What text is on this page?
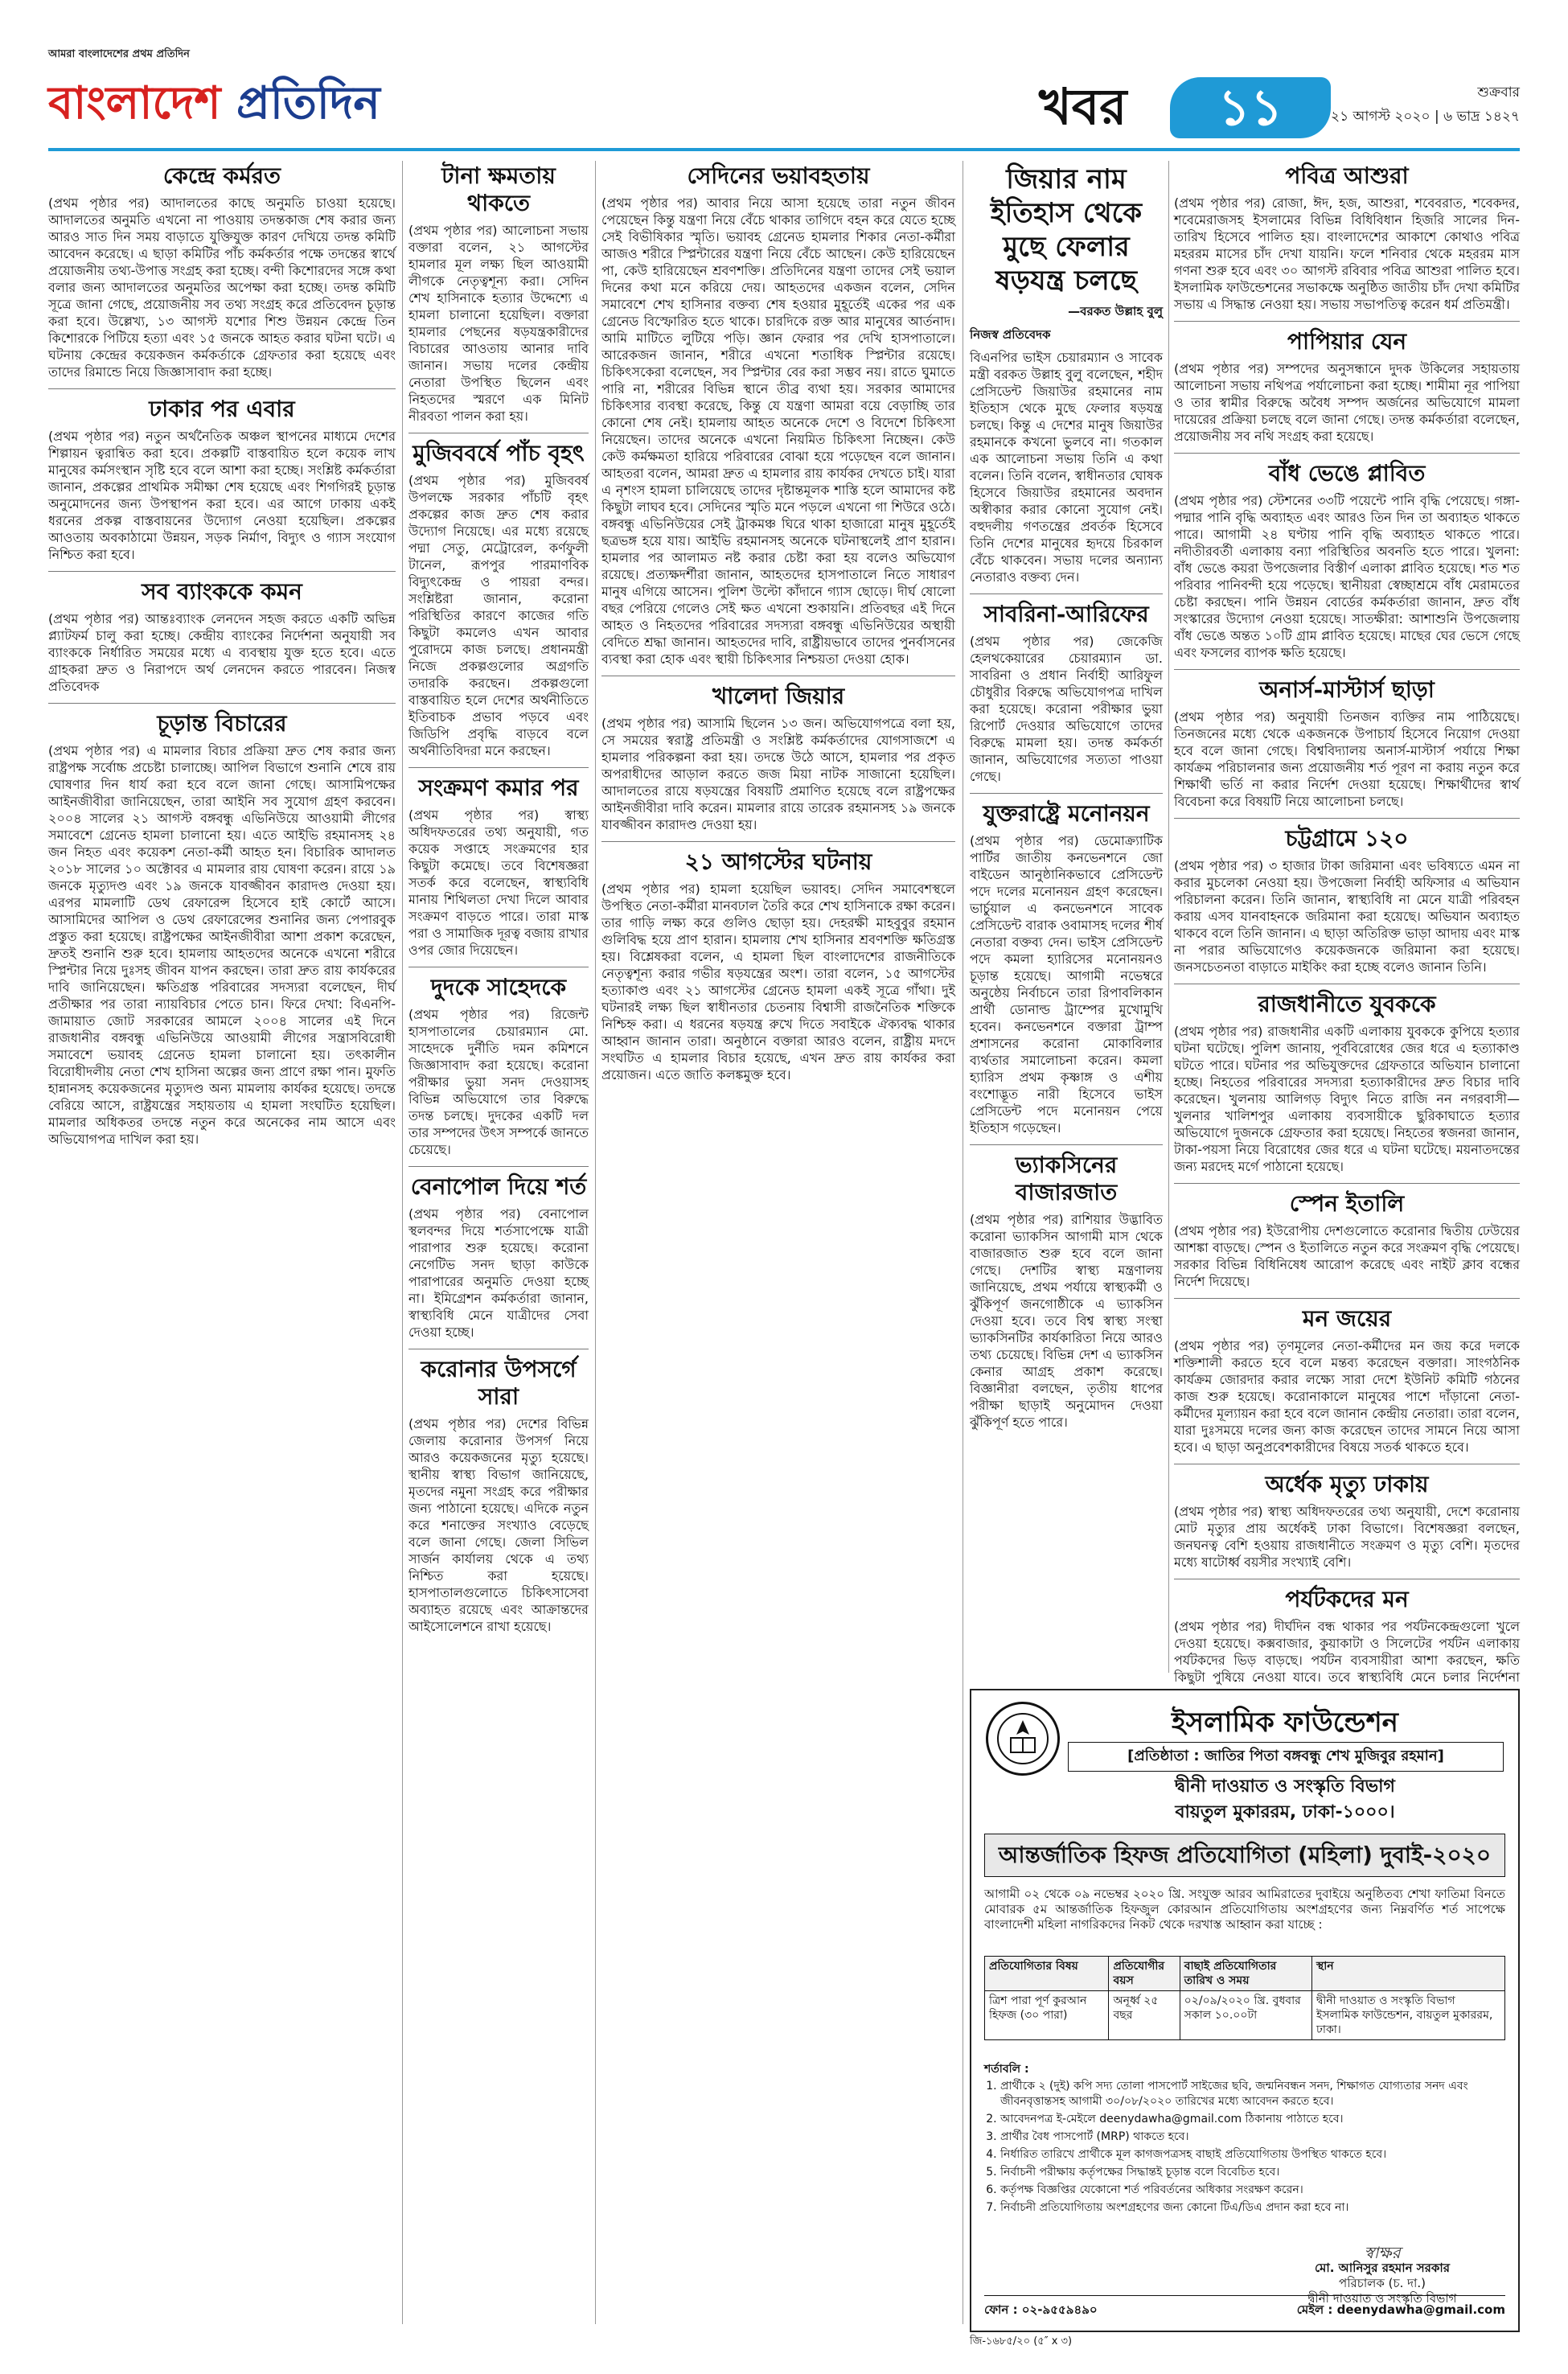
আমরা বাংলাদেশের প্রথম প্রতিদিন
বাংলাদেশ প্রতিদিন	খবর	১১	শুক্রবার
২১ আগস্ট ২০২০ | ৬ ভাদ্র ১৪২৭
কেন্দ্রে কর্মরত

(প্রথম পৃষ্ঠার পর) আদালতের কাছে অনুমতি চাওয়া হয়েছে। আদালতের অনুমতি এখনো না পাওয়ায় তদন্তকাজ শেষ করার জন্য আরও সাত দিন সময় বাড়াতে যুক্তিযুক্ত কারণ দেখিয়ে তদন্ত কমিটি আবেদন করেছে। এ ছাড়া কমিটির পাঁচ কর্মকর্তার পক্ষে তদন্তের স্বার্থে প্রয়োজনীয় তথ্য-উপাত্ত সংগ্রহ করা হচ্ছে। বন্দী কিশোরদের সঙ্গে কথা বলার জন্য আদালতের অনুমতির অপেক্ষা করা হচ্ছে। তদন্ত কমিটি সূত্রে জানা গেছে, প্রয়োজনীয় সব তথ্য সংগ্রহ করে প্রতিবেদন চূড়ান্ত করা হবে। উল্লেখ্য, ১৩ আগস্ট যশোর শিশু উন্নয়ন কেন্দ্রে তিন কিশোরকে পিটিয়ে হত্যা এবং ১৫ জনকে আহত করার ঘটনা ঘটে। এ ঘটনায় কেন্দ্রের কয়েকজন কর্মকর্তাকে গ্রেফতার করা হয়েছে এবং তাদের রিমান্ডে নিয়ে জিজ্ঞাসাবাদ করা হচ্ছে।

ঢাকার পর এবার

(প্রথম পৃষ্ঠার পর) নতুন অর্থনৈতিক অঞ্চল স্থাপনের মাধ্যমে দেশের শিল্পায়ন ত্বরান্বিত করা হবে। প্রকল্পটি বাস্তবায়িত হলে কয়েক লাখ মানুষের কর্মসংস্থান সৃষ্টি হবে বলে আশা করা হচ্ছে। সংশ্লিষ্ট কর্মকর্তারা জানান, প্রকল্পের প্রাথমিক সমীক্ষা শেষ হয়েছে এবং শিগগিরই চূড়ান্ত অনুমোদনের জন্য উপস্থাপন করা হবে। এর আগে ঢাকায় একই ধরনের প্রকল্প বাস্তবায়নের উদ্যোগ নেওয়া হয়েছিল। প্রকল্পের আওতায় অবকাঠামো উন্নয়ন, সড়ক নির্মাণ, বিদ্যুৎ ও গ্যাস সংযোগ নিশ্চিত করা হবে।

সব ব্যাংককে কমন

(প্রথম পৃষ্ঠার পর) আন্তঃব্যাংক লেনদেন সহজ করতে একটি অভিন্ন প্ল্যাটফর্ম চালু করা হচ্ছে। কেন্দ্রীয় ব্যাংকের নির্দেশনা অনুযায়ী সব ব্যাংককে নির্ধারিত সময়ের মধ্যে এ ব্যবস্থায় যুক্ত হতে হবে। এতে গ্রাহকরা দ্রুত ও নিরাপদে অর্থ লেনদেন করতে পারবেন। নিজস্ব প্রতিবেদক

চূড়ান্ত বিচারের

(প্রথম পৃষ্ঠার পর) এ মামলার বিচার প্রক্রিয়া দ্রুত শেষ করার জন্য রাষ্ট্রপক্ষ সর্বোচ্চ প্রচেষ্টা চালাচ্ছে। আপিল বিভাগে শুনানি শেষে রায় ঘোষণার দিন ধার্য করা হবে বলে জানা গেছে। আসামিপক্ষের আইনজীবীরা জানিয়েছেন, তারা আইনি সব সুযোগ গ্রহণ করবেন। ২০০৪ সালের ২১ আগস্ট বঙ্গবন্ধু এভিনিউয়ে আওয়ামী লীগের সমাবেশে গ্রেনেড হামলা চালানো হয়। এতে আইভি রহমানসহ ২৪ জন নিহত এবং কয়েকশ নেতা-কর্মী আহত হন। বিচারিক আদালত ২০১৮ সালের ১০ অক্টোবর এ মামলার রায় ঘোষণা করেন। রায়ে ১৯ জনকে মৃত্যুদণ্ড এবং ১৯ জনকে যাবজ্জীবন কারাদণ্ড দেওয়া হয়। এরপর মামলাটি ডেথ রেফারেন্স হিসেবে হাই কোর্টে আসে। আসামিদের আপিল ও ডেথ রেফারেন্সের শুনানির জন্য পেপারবুক প্রস্তুত করা হয়েছে। রাষ্ট্রপক্ষের আইনজীবীরা আশা প্রকাশ করেছেন, দ্রুতই শুনানি শুরু হবে। হামলায় আহতদের অনেকে এখনো শরীরে স্প্লিন্টার নিয়ে দুঃসহ জীবন যাপন করছেন। তারা দ্রুত রায় কার্যকরের দাবি জানিয়েছেন। ক্ষতিগ্রস্ত পরিবারের সদস্যরা বলেছেন, দীর্ঘ প্রতীক্ষার পর তারা ন্যায়বিচার পেতে চান। ফিরে দেখা: বিএনপি-জামায়াত জোট সরকারের আমলে ২০০৪ সালের এই দিনে রাজধানীর বঙ্গবন্ধু এভিনিউয়ে আওয়ামী লীগের সন্ত্রাসবিরোধী সমাবেশে ভয়াবহ গ্রেনেড হামলা চালানো হয়। তৎকালীন বিরোধীদলীয় নেতা শেখ হাসিনা অল্পের জন্য প্রাণে রক্ষা পান। মুফতি হান্নানসহ কয়েকজনের মৃত্যুদণ্ড অন্য মামলায় কার্যকর হয়েছে। তদন্তে বেরিয়ে আসে, রাষ্ট্রযন্ত্রের সহায়তায় এ হামলা সংঘটিত হয়েছিল। মামলার অধিকতর তদন্তে নতুন করে অনেকের নাম আসে এবং অভিযোগপত্র দাখিল করা হয়।

টানা ক্ষমতায় থাকতে

(প্রথম পৃষ্ঠার পর) আলোচনা সভায় বক্তারা বলেন, ২১ আগস্টের হামলার মূল লক্ষ্য ছিল আওয়ামী লীগকে নেতৃত্বশূন্য করা। সেদিন শেখ হাসিনাকে হত্যার উদ্দেশ্যে এ হামলা চালানো হয়েছিল। বক্তারা হামলার পেছনের ষড়যন্ত্রকারীদের বিচারের আওতায় আনার দাবি জানান। সভায় দলের কেন্দ্রীয় নেতারা উপস্থিত ছিলেন এবং নিহতদের স্মরণে এক মিনিট নীরবতা পালন করা হয়।

মুজিববর্ষে পাঁচ বৃহৎ

(প্রথম পৃষ্ঠার পর) মুজিববর্ষ উপলক্ষে সরকার পাঁচটি বৃহৎ প্রকল্পের কাজ দ্রুত শেষ করার উদ্যোগ নিয়েছে। এর মধ্যে রয়েছে পদ্মা সেতু, মেট্রোরেল, কর্ণফুলী টানেল, রূপপুর পারমাণবিক বিদ্যুৎকেন্দ্র ও পায়রা বন্দর। সংশ্লিষ্টরা জানান, করোনা পরিস্থিতির কারণে কাজের গতি কিছুটা কমলেও এখন আবার পুরোদমে কাজ চলছে। প্রধানমন্ত্রী নিজে প্রকল্পগুলোর অগ্রগতি তদারকি করছেন। প্রকল্পগুলো বাস্তবায়িত হলে দেশের অর্থনীতিতে ইতিবাচক প্রভাব পড়বে এবং জিডিপি প্রবৃদ্ধি বাড়বে বলে অর্থনীতিবিদরা মনে করছেন।

সংক্রমণ কমার পর

(প্রথম পৃষ্ঠার পর) স্বাস্থ্য অধিদফতরের তথ্য অনুযায়ী, গত কয়েক সপ্তাহে সংক্রমণের হার কিছুটা কমেছে। তবে বিশেষজ্ঞরা সতর্ক করে বলেছেন, স্বাস্থ্যবিধি মানায় শিথিলতা দেখা দিলে আবার সংক্রমণ বাড়তে পারে। তারা মাস্ক পরা ও সামাজিক দূরত্ব বজায় রাখার ওপর জোর দিয়েছেন।

দুদকে সাহেদকে

(প্রথম পৃষ্ঠার পর) রিজেন্ট হাসপাতালের চেয়ারম্যান মো. সাহেদকে দুর্নীতি দমন কমিশনে জিজ্ঞাসাবাদ করা হয়েছে। করোনা পরীক্ষার ভুয়া সনদ দেওয়াসহ বিভিন্ন অভিযোগে তার বিরুদ্ধে তদন্ত চলছে। দুদকের একটি দল তার সম্পদের উৎস সম্পর্কে জানতে চেয়েছে।

বেনাপোল দিয়ে শর্ত

(প্রথম পৃষ্ঠার পর) বেনাপোল স্থলবন্দর দিয়ে শর্তসাপেক্ষে যাত্রী পারাপার শুরু হয়েছে। করোনা নেগেটিভ সনদ ছাড়া কাউকে পারাপারের অনুমতি দেওয়া হচ্ছে না। ইমিগ্রেশন কর্মকর্তারা জানান, স্বাস্থ্যবিধি মেনে যাত্রীদের সেবা দেওয়া হচ্ছে।

করোনার উপসর্গে সারা

(প্রথম পৃষ্ঠার পর) দেশের বিভিন্ন জেলায় করোনার উপসর্গ নিয়ে আরও কয়েকজনের মৃত্যু হয়েছে। স্থানীয় স্বাস্থ্য বিভাগ জানিয়েছে, মৃতদের নমুনা সংগ্রহ করে পরীক্ষার জন্য পাঠানো হয়েছে। এদিকে নতুন করে শনাক্তের সংখ্যাও বেড়েছে বলে জানা গেছে। জেলা সিভিল সার্জন কার্যালয় থেকে এ তথ্য নিশ্চিত করা হয়েছে। হাসপাতালগুলোতে চিকিৎসাসেবা অব্যাহত রয়েছে এবং আক্রান্তদের আইসোলেশনে রাখা হয়েছে।

সেদিনের ভয়াবহতায়

(প্রথম পৃষ্ঠার পর) আবার নিয়ে আসা হয়েছে তারা নতুন জীবন পেয়েছেন কিন্তু যন্ত্রণা নিয়ে বেঁচে থাকার তাগিদে বহন করে যেতে হচ্ছে সেই বিভীষিকার স্মৃতি। ভয়াবহ গ্রেনেড হামলার শিকার নেতা-কর্মীরা আজও শরীরে স্প্লিন্টারের যন্ত্রণা নিয়ে বেঁচে আছেন। কেউ হারিয়েছেন পা, কেউ হারিয়েছেন শ্রবণশক্তি। প্রতিদিনের যন্ত্রণা তাদের সেই ভয়াল দিনের কথা মনে করিয়ে দেয়। আহতদের একজন বলেন, সেদিন সমাবেশে শেখ হাসিনার বক্তব্য শেষ হওয়ার মুহূর্তেই একের পর এক গ্রেনেড বিস্ফোরিত হতে থাকে। চারদিকে রক্ত আর মানুষের আর্তনাদ। আমি মাটিতে লুটিয়ে পড়ি। জ্ঞান ফেরার পর দেখি হাসপাতালে। আরেকজন জানান, শরীরে এখনো শতাধিক স্প্লিন্টার রয়েছে। চিকিৎসকেরা বলেছেন, সব স্প্লিন্টার বের করা সম্ভব নয়। রাতে ঘুমাতে পারি না, শরীরের বিভিন্ন স্থানে তীব্র ব্যথা হয়। সরকার আমাদের চিকিৎসার ব্যবস্থা করেছে, কিন্তু যে যন্ত্রণা আমরা বয়ে বেড়াচ্ছি তার কোনো শেষ নেই। হামলায় আহত অনেকে দেশে ও বিদেশে চিকিৎসা নিয়েছেন। তাদের অনেকে এখনো নিয়মিত চিকিৎসা নিচ্ছেন। কেউ কেউ কর্মক্ষমতা হারিয়ে পরিবারের বোঝা হয়ে পড়েছেন বলে জানান। আহতরা বলেন, আমরা দ্রুত এ হামলার রায় কার্যকর দেখতে চাই। যারা এ নৃশংস হামলা চালিয়েছে তাদের দৃষ্টান্তমূলক শাস্তি হলে আমাদের কষ্ট কিছুটা লাঘব হবে। সেদিনের স্মৃতি মনে পড়লে এখনো গা শিউরে ওঠে। বঙ্গবন্ধু এভিনিউয়ের সেই ট্রাকমঞ্চ ঘিরে থাকা হাজারো মানুষ মুহূর্তেই ছত্রভঙ্গ হয়ে যায়। আইভি রহমানসহ অনেকে ঘটনাস্থলেই প্রাণ হারান। হামলার পর আলামত নষ্ট করার চেষ্টা করা হয় বলেও অভিযোগ রয়েছে। প্রত্যক্ষদর্শীরা জানান, আহতদের হাসপাতালে নিতে সাধারণ মানুষ এগিয়ে আসেন। পুলিশ উল্টো কাঁদানে গ্যাস ছোড়ে। দীর্ঘ ষোলো বছর পেরিয়ে গেলেও সেই ক্ষত এখনো শুকায়নি। প্রতিবছর এই দিনে আহত ও নিহতদের পরিবারের সদস্যরা বঙ্গবন্ধু এভিনিউয়ের অস্থায়ী বেদিতে শ্রদ্ধা জানান। আহতদের দাবি, রাষ্ট্রীয়ভাবে তাদের পুনর্বাসনের ব্যবস্থা করা হোক এবং স্থায়ী চিকিৎসার নিশ্চয়তা দেওয়া হোক।

খালেদা জিয়ার

(প্রথম পৃষ্ঠার পর) আসামি ছিলেন ১৩ জন। অভিযোগপত্রে বলা হয়, সে সময়ের স্বরাষ্ট্র প্রতিমন্ত্রী ও সংশ্লিষ্ট কর্মকর্তাদের যোগসাজশে এ হামলার পরিকল্পনা করা হয়। তদন্তে উঠে আসে, হামলার পর প্রকৃত অপরাধীদের আড়াল করতে জজ মিয়া নাটক সাজানো হয়েছিল। আদালতের রায়ে ষড়যন্ত্রের বিষয়টি প্রমাণিত হয়েছে বলে রাষ্ট্রপক্ষের আইনজীবীরা দাবি করেন। মামলার রায়ে তারেক রহমানসহ ১৯ জনকে যাবজ্জীবন কারাদণ্ড দেওয়া হয়।

২১ আগস্টের ঘটনায়

(প্রথম পৃষ্ঠার পর) হামলা হয়েছিল ভয়াবহ। সেদিন সমাবেশস্থলে উপস্থিত নেতা-কর্মীরা মানবঢাল তৈরি করে শেখ হাসিনাকে রক্ষা করেন। তার গাড়ি লক্ষ্য করে গুলিও ছোড়া হয়। দেহরক্ষী মাহবুবুর রহমান গুলিবিদ্ধ হয়ে প্রাণ হারান। হামলায় শেখ হাসিনার শ্রবণশক্তি ক্ষতিগ্রস্ত হয়। বিশ্লেষকরা বলেন, এ হামলা ছিল বাংলাদেশের রাজনীতিকে নেতৃত্বশূন্য করার গভীর ষড়যন্ত্রের অংশ। তারা বলেন, ১৫ আগস্টের হত্যাকাণ্ড এবং ২১ আগস্টের গ্রেনেড হামলা একই সূত্রে গাঁথা। দুই ঘটনারই লক্ষ্য ছিল স্বাধীনতার চেতনায় বিশ্বাসী রাজনৈতিক শক্তিকে নিশ্চিহ্ন করা। এ ধরনের ষড়যন্ত্র রুখে দিতে সবাইকে ঐক্যবদ্ধ থাকার আহ্বান জানান তারা। অনুষ্ঠানে বক্তারা আরও বলেন, রাষ্ট্রীয় মদদে সংঘটিত এ হামলার বিচার হয়েছে, এখন দ্রুত রায় কার্যকর করা প্রয়োজন। এতে জাতি কলঙ্কমুক্ত হবে।

জিয়ার নাম ইতিহাস থেকে মুছে ফেলার ষড়যন্ত্র চলছে

—বরকত উল্লাহ বুলু

নিজস্ব প্রতিবেদক

বিএনপির ভাইস চেয়ারম্যান ও সাবেক মন্ত্রী বরকত উল্লাহ বুলু বলেছেন, শহীদ প্রেসিডেন্ট জিয়াউর রহমানের নাম ইতিহাস থেকে মুছে ফেলার ষড়যন্ত্র চলছে। কিন্তু এ দেশের মানুষ জিয়াউর রহমানকে কখনো ভুলবে না। গতকাল এক আলোচনা সভায় তিনি এ কথা বলেন। তিনি বলেন, স্বাধীনতার ঘোষক হিসেবে জিয়াউর রহমানের অবদান অস্বীকার করার কোনো সুযোগ নেই। বহুদলীয় গণতন্ত্রের প্রবর্তক হিসেবে তিনি দেশের মানুষের হৃদয়ে চিরকাল বেঁচে থাকবেন। সভায় দলের অন্যান্য নেতারাও বক্তব্য দেন।

সাবরিনা-আরিফের

(প্রথম পৃষ্ঠার পর) জেকেজি হেলথকেয়ারের চেয়ারম্যান ডা. সাবরিনা ও প্রধান নির্বাহী আরিফুল চৌধুরীর বিরুদ্ধে অভিযোগপত্র দাখিল করা হয়েছে। করোনা পরীক্ষার ভুয়া রিপোর্ট দেওয়ার অভিযোগে তাদের বিরুদ্ধে মামলা হয়। তদন্ত কর্মকর্তা জানান, অভিযোগের সত্যতা পাওয়া গেছে।

যুক্তরাষ্ট্রে মনোনয়ন

(প্রথম পৃষ্ঠার পর) ডেমোক্র্যাটিক পার্টির জাতীয় কনভেনশনে জো বাইডেন আনুষ্ঠানিকভাবে প্রেসিডেন্ট পদে দলের মনোনয়ন গ্রহণ করেছেন। ভার্চুয়াল এ কনভেনশনে সাবেক প্রেসিডেন্ট বারাক ওবামাসহ দলের শীর্ষ নেতারা বক্তব্য দেন। ভাইস প্রেসিডেন্ট পদে কমলা হ্যারিসের মনোনয়নও চূড়ান্ত হয়েছে। আগামী নভেম্বরে অনুষ্ঠেয় নির্বাচনে তারা রিপাবলিকান প্রার্থী ডোনাল্ড ট্রাম্পের মুখোমুখি হবেন। কনভেনশনে বক্তারা ট্রাম্প প্রশাসনের করোনা মোকাবিলার ব্যর্থতার সমালোচনা করেন। কমলা হ্যারিস প্রথম কৃষ্ণাঙ্গ ও এশীয় বংশোদ্ভূত নারী হিসেবে ভাইস প্রেসিডেন্ট পদে মনোনয়ন পেয়ে ইতিহাস গড়েছেন।

ভ্যাকসিনের বাজারজাত

(প্রথম পৃষ্ঠার পর) রাশিয়ার উদ্ভাবিত করোনা ভ্যাকসিন আগামী মাস থেকে বাজারজাত শুরু হবে বলে জানা গেছে। দেশটির স্বাস্থ্য মন্ত্রণালয় জানিয়েছে, প্রথম পর্যায়ে স্বাস্থ্যকর্মী ও ঝুঁকিপূর্ণ জনগোষ্ঠীকে এ ভ্যাকসিন দেওয়া হবে। তবে বিশ্ব স্বাস্থ্য সংস্থা ভ্যাকসিনটির কার্যকারিতা নিয়ে আরও তথ্য চেয়েছে। বিভিন্ন দেশ এ ভ্যাকসিন কেনার আগ্রহ প্রকাশ করেছে। বিজ্ঞানীরা বলছেন, তৃতীয় ধাপের পরীক্ষা ছাড়াই অনুমোদন দেওয়া ঝুঁকিপূর্ণ হতে পারে।

পবিত্র আশুরা

(প্রথম পৃষ্ঠার পর) রোজা, ঈদ, হজ, আশুরা, শবেবরাত, শবেকদর, শবেমেরাজসহ ইসলামের বিভিন্ন বিধিবিধান হিজরি সালের দিন-তারিখ হিসেবে পালিত হয়। বাংলাদেশের আকাশে কোথাও পবিত্র মহররম মাসের চাঁদ দেখা যায়নি। ফলে শনিবার থেকে মহররম মাস গণনা শুরু হবে এবং ৩০ আগস্ট রবিবার পবিত্র আশুরা পালিত হবে। ইসলামিক ফাউন্ডেশনের সভাকক্ষে অনুষ্ঠিত জাতীয় চাঁদ দেখা কমিটির সভায় এ সিদ্ধান্ত নেওয়া হয়। সভায় সভাপতিত্ব করেন ধর্ম প্রতিমন্ত্রী।

পাপিয়ার যেন

(প্রথম পৃষ্ঠার পর) সম্পদের অনুসন্ধানে দুদক উকিলের সহায়তায় আলোচনা সভায় নথিপত্র পর্যালোচনা করা হচ্ছে। শামীমা নূর পাপিয়া ও তার স্বামীর বিরুদ্ধে অবৈধ সম্পদ অর্জনের অভিযোগে মামলা দায়েরের প্রক্রিয়া চলছে বলে জানা গেছে। তদন্ত কর্মকর্তারা বলেছেন, প্রয়োজনীয় সব নথি সংগ্রহ করা হয়েছে।

বাঁধ ভেঙে প্লাবিত

(প্রথম পৃষ্ঠার পর) স্টেশনের ৩৩টি পয়েন্টে পানি বৃদ্ধি পেয়েছে। গঙ্গা-পদ্মার পানি বৃদ্ধি অব্যাহত এবং আরও তিন দিন তা অব্যাহত থাকতে পারে। আগামী ২৪ ঘণ্টায় পানি বৃদ্ধি অব্যাহত থাকতে পারে। নদীতীরবর্তী এলাকায় বন্যা পরিস্থিতির অবনতি হতে পারে। খুলনা: বাঁধ ভেঙে কয়রা উপজেলার বিস্তীর্ণ এলাকা প্লাবিত হয়েছে। শত শত পরিবার পানিবন্দী হয়ে পড়েছে। স্থানীয়রা স্বেচ্ছাশ্রমে বাঁধ মেরামতের চেষ্টা করছেন। পানি উন্নয়ন বোর্ডের কর্মকর্তারা জানান, দ্রুত বাঁধ সংস্কারের উদ্যোগ নেওয়া হয়েছে। সাতক্ষীরা: আশাশুনি উপজেলায় বাঁধ ভেঙে অন্তত ১০টি গ্রাম প্লাবিত হয়েছে। মাছের ঘের ভেসে গেছে এবং ফসলের ব্যাপক ক্ষতি হয়েছে।

অনার্স-মাস্টার্স ছাড়া

(প্রথম পৃষ্ঠার পর) অনুযায়ী তিনজন ব্যক্তির নাম পাঠিয়েছে। তিনজনের মধ্যে থেকে একজনকে উপাচার্য হিসেবে নিয়োগ দেওয়া হবে বলে জানা গেছে। বিশ্ববিদ্যালয় অনার্স-মাস্টার্স পর্যায়ে শিক্ষা কার্যক্রম পরিচালনার জন্য প্রয়োজনীয় শর্ত পূরণ না করায় নতুন করে শিক্ষার্থী ভর্তি না করার নির্দেশ দেওয়া হয়েছে। শিক্ষার্থীদের স্বার্থ বিবেচনা করে বিষয়টি নিয়ে আলোচনা চলছে।

চট্টগ্রামে ১২০

(প্রথম পৃষ্ঠার পর) ৩ হাজার টাকা জরিমানা এবং ভবিষ্যতে এমন না করার মুচলেকা নেওয়া হয়। উপজেলা নির্বাহী অফিসার এ অভিযান পরিচালনা করেন। তিনি জানান, স্বাস্থ্যবিধি না মেনে যাত্রী পরিবহন করায় এসব যানবাহনকে জরিমানা করা হয়েছে। অভিযান অব্যাহত থাকবে বলে তিনি জানান। এ ছাড়া অতিরিক্ত ভাড়া আদায় এবং মাস্ক না পরার অভিযোগেও কয়েকজনকে জরিমানা করা হয়েছে। জনসচেতনতা বাড়াতে মাইকিং করা হচ্ছে বলেও জানান তিনি।

রাজধানীতে যুবককে

(প্রথম পৃষ্ঠার পর) রাজধানীর একটি এলাকায় যুবককে কুপিয়ে হত্যার ঘটনা ঘটেছে। পুলিশ জানায়, পূর্ববিরোধের জের ধরে এ হত্যাকাণ্ড ঘটতে পারে। ঘটনার পর অভিযুক্তদের গ্রেফতারে অভিযান চালানো হচ্ছে। নিহতের পরিবারের সদস্যরা হত্যাকারীদের দ্রুত বিচার দাবি করেছেন। খুলনায় আলিগড় বিদ্যুৎ নিতে রাজি নন নগরবাসী—খুলনার খালিশপুর এলাকায় ব্যবসায়ীকে ছুরিকাঘাতে হত্যার অভিযোগে দুজনকে গ্রেফতার করা হয়েছে। নিহতের স্বজনরা জানান, টাকা-পয়সা নিয়ে বিরোধের জের ধরে এ ঘটনা ঘটেছে। ময়নাতদন্তের জন্য মরদেহ মর্গে পাঠানো হয়েছে।

স্পেন ইতালি

(প্রথম পৃষ্ঠার পর) ইউরোপীয় দেশগুলোতে করোনার দ্বিতীয় ঢেউয়ের আশঙ্কা বাড়ছে। স্পেন ও ইতালিতে নতুন করে সংক্রমণ বৃদ্ধি পেয়েছে। সরকার বিভিন্ন বিধিনিষেধ আরোপ করেছে এবং নাইট ক্লাব বন্ধের নির্দেশ দিয়েছে।

মন জয়ের

(প্রথম পৃষ্ঠার পর) তৃণমূলের নেতা-কর্মীদের মন জয় করে দলকে শক্তিশালী করতে হবে বলে মন্তব্য করেছেন বক্তারা। সাংগঠনিক কার্যক্রম জোরদার করার লক্ষ্যে সারা দেশে ইউনিট কমিটি গঠনের কাজ শুরু হয়েছে। করোনাকালে মানুষের পাশে দাঁড়ানো নেতা-কর্মীদের মূল্যায়ন করা হবে বলে জানান কেন্দ্রীয় নেতারা। তারা বলেন, যারা দুঃসময়ে দলের জন্য কাজ করেছেন তাদের সামনে নিয়ে আসা হবে। এ ছাড়া অনুপ্রবেশকারীদের বিষয়ে সতর্ক থাকতে হবে।

অর্ধেক মৃত্যু ঢাকায়

(প্রথম পৃষ্ঠার পর) স্বাস্থ্য অধিদফতরের তথ্য অনুযায়ী, দেশে করোনায় মোট মৃত্যুর প্রায় অর্ধেকই ঢাকা বিভাগে। বিশেষজ্ঞরা বলছেন, জনঘনত্ব বেশি হওয়ায় রাজধানীতে সংক্রমণ ও মৃত্যু বেশি। মৃতদের মধ্যে ষাটোর্ধ্ব বয়সীর সংখ্যাই বেশি।

পর্যটকদের মন

(প্রথম পৃষ্ঠার পর) দীর্ঘদিন বন্ধ থাকার পর পর্যটনকেন্দ্রগুলো খুলে দেওয়া হয়েছে। কক্সবাজার, কুয়াকাটা ও সিলেটের পর্যটন এলাকায় পর্যটকদের ভিড় বাড়ছে। পর্যটন ব্যবসায়ীরা আশা করছেন, ক্ষতি কিছুটা পুষিয়ে নেওয়া যাবে। তবে স্বাস্থ্যবিধি মেনে চলার নির্দেশনা

ইসলামিক ফাউন্ডেশন
[প্রতিষ্ঠাতা : জাতির পিতা বঙ্গবন্ধু শেখ মুজিবুর রহমান]
দ্বীনী দাওয়াত ও সংস্কৃতি বিভাগ
বায়তুল মুকাররম, ঢাকা-১০০০।
আন্তর্জাতিক হিফজ প্রতিযোগিতা (মহিলা) দুবাই-২০২০
আগামী ০২ থেকে ০৯ নভেম্বর ২০২০ খ্রি. সংযুক্ত আরব আমিরাতের দুবাইয়ে অনুষ্ঠিতব্য শেখা ফাতিমা বিনতে মোবারক ৫ম আন্তর্জাতিক হিফজুল কোরআন প্রতিযোগিতায় অংশগ্রহণের জন্য নিম্নবর্ণিত শর্ত সাপেক্ষে বাংলাদেশী মহিলা নাগরিকদের নিকট থেকে দরখাস্ত আহ্বান করা যাচ্ছে :
প্রতিযোগিতার বিষয়	প্রতিযোগীর বয়স	বাছাই প্রতিযোগিতার তারিখ ও সময়	স্থান
ত্রিশ পারা পূর্ণ কুরআন হিফজ (৩০ পারা)	অনূর্ধ্ব ২৫ বছর	০২/০৯/২০২০ খ্রি. বুধবার সকাল ১০.০০টা	দ্বীনী দাওয়াত ও সংস্কৃতি বিভাগ ইসলামিক ফাউন্ডেশন, বায়তুল মুকাররম, ঢাকা।
শর্তাবলি :
1. প্রার্থীকে ২ (দুই) কপি সদ্য তোলা পাসপোর্ট সাইজের ছবি, জন্মনিবন্ধন সনদ, শিক্ষাগত যোগ্যতার সনদ এবং জীবনবৃত্তান্তসহ আগামী ৩০/০৮/২০২০ তারিখের মধ্যে আবেদন করতে হবে।
2. আবেদনপত্র ই-মেইলে deenydawha@gmail.com ঠিকানায় পাঠাতে হবে।
3. প্রার্থীর বৈধ পাসপোর্ট (MRP) থাকতে হবে।
4. নির্ধারিত তারিখে প্রার্থীকে মূল কাগজপত্রসহ বাছাই প্রতিযোগিতায় উপস্থিত থাকতে হবে।
5. নির্বাচনী পরীক্ষায় কর্তৃপক্ষের সিদ্ধান্তই চূড়ান্ত বলে বিবেচিত হবে।
6. কর্তৃপক্ষ বিজ্ঞপ্তির যেকোনো শর্ত পরিবর্তনের অধিকার সংরক্ষণ করেন।
7. নির্বাচনী প্রতিযোগিতায় অংশগ্রহণের জন্য কোনো টিএ/ডিএ প্রদান করা হবে না।
স্বাক্ষর
মো. আনিসুর রহমান সরকার
পরিচালক (চ. দা.)
দ্বীনী দাওয়াত ও সংস্কৃতি বিভাগ
ফোন : ০২-৯৫৫৯৪৯০	মেইল : deenydawha@gmail.com
জি-১৬৮৫/২০ (৫″ x ৩)
